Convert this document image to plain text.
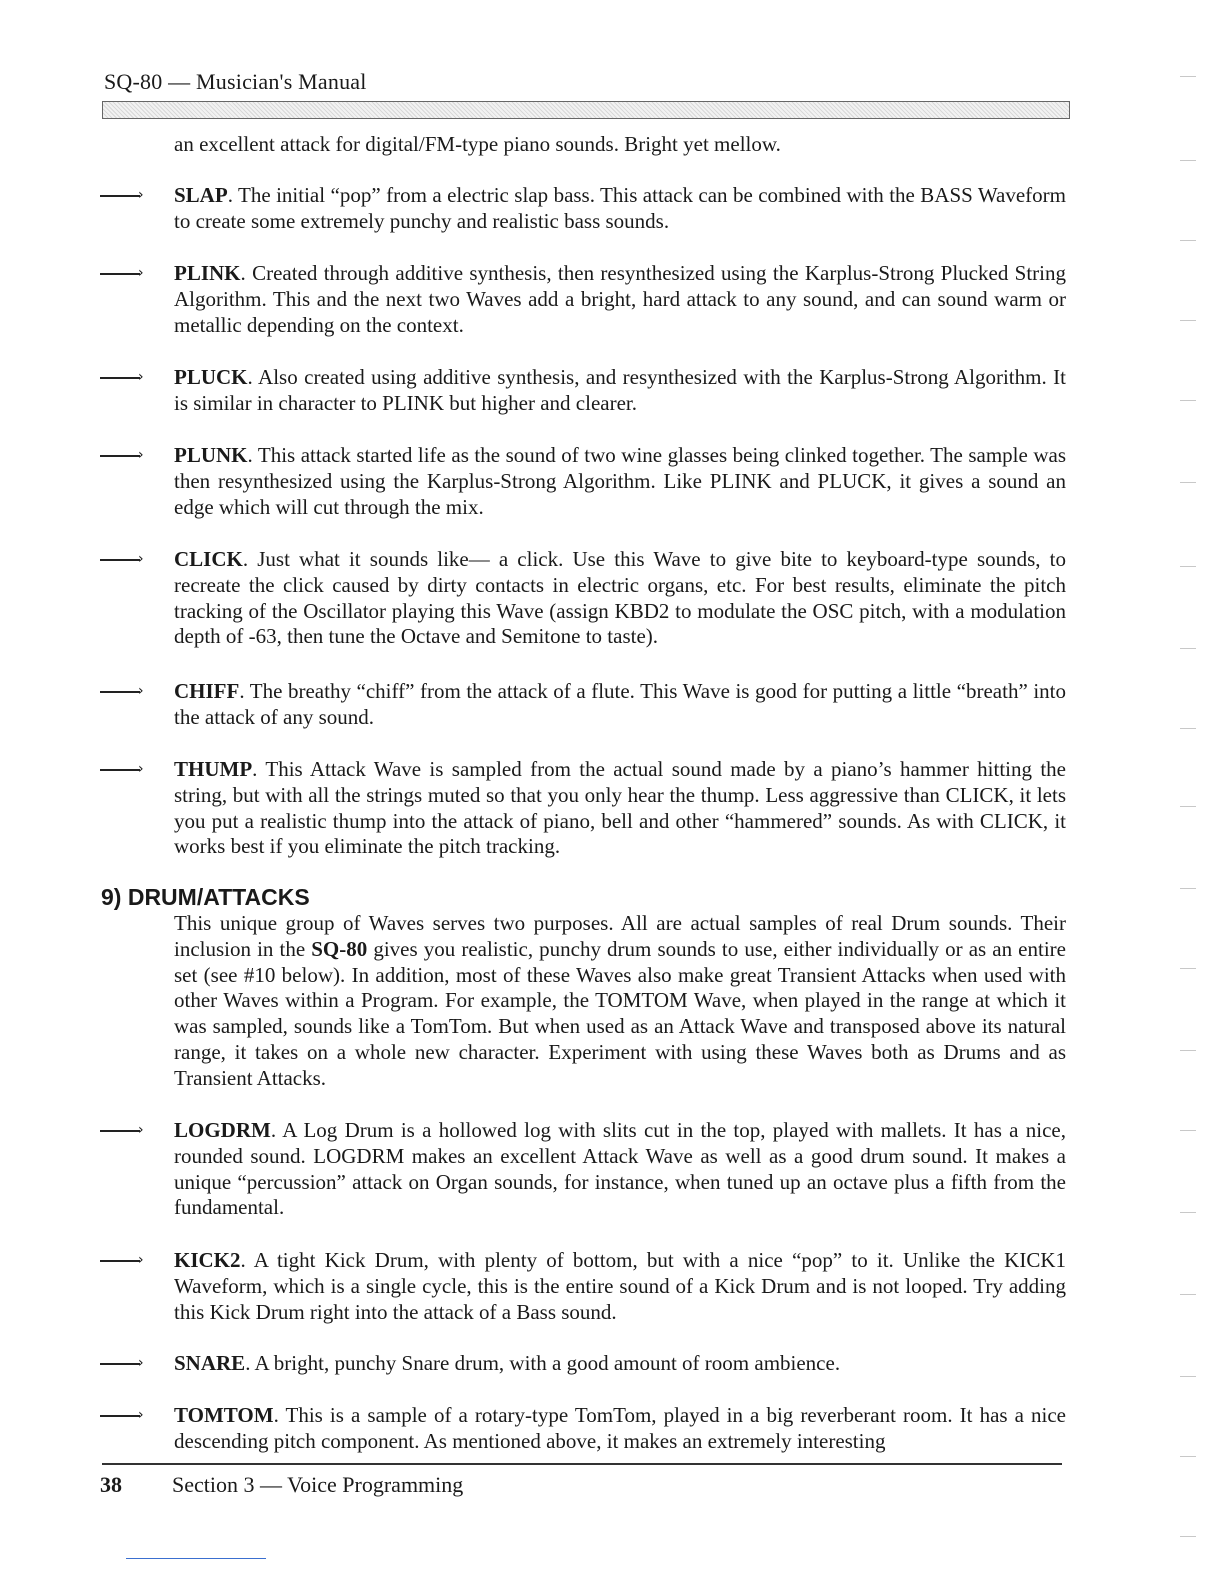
SQ-80 — Musician's Manual
an excellent attack for digital/FM-type piano sounds. Bright yet mellow.
› SLAP. The initial “pop” from a electric slap bass. This attack can be combined with the BASS Waveform to create some extremely punchy and realistic bass sounds.
› PLINK. Created through additive synthesis, then resynthesized using the Karplus-Strong Plucked String Algorithm. This and the next two Waves add a bright, hard attack to any sound, and can sound warm or metallic depending on the context.
› PLUCK. Also created using additive synthesis, and resynthesized with the Karplus-Strong Algorithm. It is similar in character to PLINK but higher and clearer.
› PLUNK. This attack started life as the sound of two wine glasses being clinked together. The sample was then resynthesized using the Karplus-Strong Algorithm. Like PLINK and PLUCK, it gives a sound an edge which will cut through the mix.
› CLICK. Just what it sounds like— a click. Use this Wave to give bite to keyboard-type sounds, to recreate the click caused by dirty contacts in electric organs, etc. For best results, eliminate the pitch tracking of the Oscillator playing this Wave (assign KBD2 to modulate the OSC pitch, with a modulation depth of -63, then tune the Octave and Semitone to taste).
› CHIFF. The breathy “chiff” from the attack of a flute. This Wave is good for putting a little “breath” into the attack of any sound.
› THUMP. This Attack Wave is sampled from the actual sound made by a piano’s hammer hitting the string, but with all the strings muted so that you only hear the thump. Less aggressive than CLICK, it lets you put a realistic thump into the attack of piano, bell and other “hammered” sounds. As with CLICK, it works best if you eliminate the pitch tracking.
9) DRUM/ATTACKS
This unique group of Waves serves two purposes. All are actual samples of real Drum sounds. Their inclusion in the SQ-80 gives you realistic, punchy drum sounds to use, either individually or as an entire set (see #10 below). In addition, most of these Waves also make great Transient Attacks when used with other Waves within a Program. For example, the TOMTOM Wave, when played in the range at which it was sampled, sounds like a TomTom. But when used as an Attack Wave and transposed above its natural range, it takes on a whole new character. Experiment with using these Waves both as Drums and as Transient Attacks.
› LOGDRM. A Log Drum is a hollowed log with slits cut in the top, played with mallets. It has a nice, rounded sound. LOGDRM makes an excellent Attack Wave as well as a good drum sound. It makes a unique “percussion” attack on Organ sounds, for instance, when tuned up an octave plus a fifth from the fundamental.
› KICK2. A tight Kick Drum, with plenty of bottom, but with a nice “pop” to it. Unlike the KICK1 Waveform, which is a single cycle, this is the entire sound of a Kick Drum and is not looped. Try adding this Kick Drum right into the attack of a Bass sound.
› SNARE. A bright, punchy Snare drum, with a good amount of room ambience.
› TOMTOM. This is a sample of a rotary-type TomTom, played in a big reverberant room. It has a nice descending pitch component. As mentioned above, it makes an extremely interesting
38 Section 3 — Voice Programming
